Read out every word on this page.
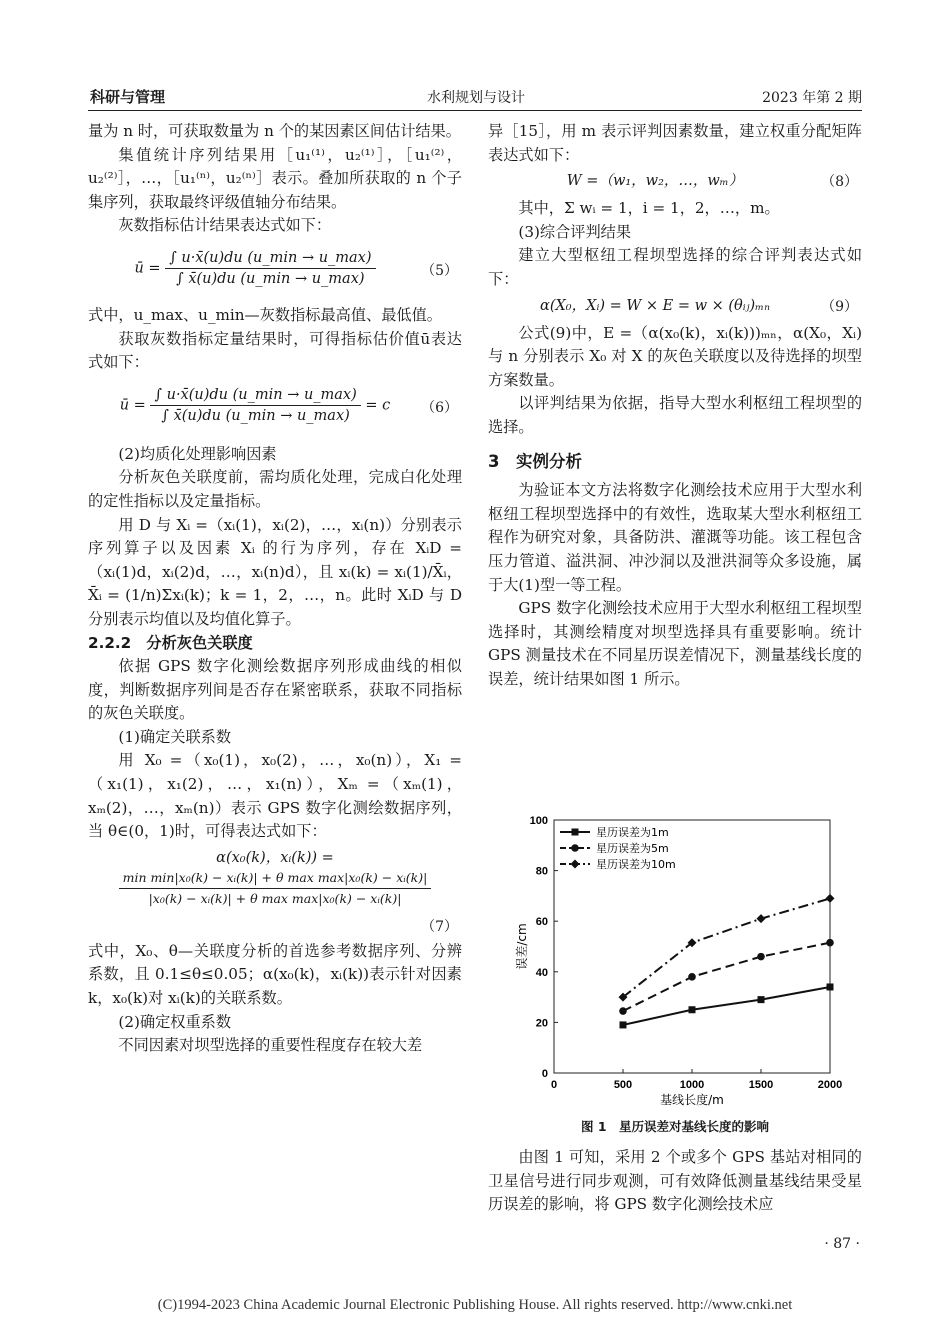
科研与管理	水利规划与设计	2023 年第 2 期

量为 n 时，可获取数量为 n 个的某因素区间估计结果。

集值统计序列结果用［u₁⁽¹⁾，u₂⁽¹⁾］，［u₁⁽²⁾，u₂⁽²⁾］，…，［u₁⁽ⁿ⁾，u₂⁽ⁿ⁾］表示。叠加所获取的 n 个子集序列，获取最终评级值轴分布结果。

灰数指标估计结果表达式如下：

ū = $\frac{\int u\cdot x̄(u)du (u\_\min \to u\_\max)}{\int x̄(u)du (u\_\min \to u\_\max)}$	（5）

式中，u_max、u_min—灰数指标最高值、最低值。

获取灰数指标定量结果时，可得指标估价值ū表达式如下：

ū = $\frac{\int u\cdot x̄(u)du (u\_\min \to u\_\max)}{\int x̄(u)du (u\_\min \to u\_\max)} = c$	（6）

(2)均质化处理影响因素

分析灰色关联度前，需均质化处理，完成白化处理的定性指标以及定量指标。

用 D 与 Xᵢ =（xᵢ(1)，xᵢ(2)，…，xᵢ(n)）分别表示序列算子以及因素 Xᵢ 的行为序列，存在 XᵢD =（xᵢ(1)d，xᵢ(2)d，…，xᵢ(n)d），且 xᵢ(k) = xᵢ(1)/X̄ᵢ，X̄ᵢ = (1/n)Σxᵢ(k)；k = 1，2，…，n。此时 XᵢD 与 D 分别表示均值以及均值化算子。

2.2.2　分析灰色关联度

依据 GPS 数字化测绘数据序列形成曲线的相似度，判断数据序列间是否存在紧密联系，获取不同指标的灰色关联度。

(1)确定关联系数

用 X₀ =（x₀(1)，x₀(2)，…，x₀(n)），X₁ =（x₁(1)，x₁(2)，…，x₁(n)），Xₘ =（xₘ(1)，xₘ(2)，…，xₘ(n)）表示 GPS 数字化测绘数据序列，当 θ∈(0，1)时，可得表达式如下：

α(x₀(k)，xᵢ(k)) =
$\frac{\text{min min|x₀(k) − xᵢ(k)| + θ max max|x₀(k) − xᵢ(k)|}}{\text{|x₀(k) − xᵢ(k)| + θ max max|x₀(k) − xᵢ(k)|}}$
（7）

式中，X₀、θ—关联度分析的首选参考数据序列、分辨系数，且 0.1≤θ≤0.05；α(x₀(k)，xᵢ(k))表示针对因素 k，x₀(k)对 xᵢ(k)的关联系数。

(2)确定权重系数

不同因素对坝型选择的重要性程度存在较大差

异［15］，用 m 表示评判因素数量，建立权重分配矩阵表达式如下：

W =（w₁，w₂，…，wₘ）	（8）

其中，Σ wᵢ = 1，i = 1，2，…，m。

(3)综合评判结果

建立大型枢纽工程坝型选择的综合评判表达式如下：

α(X₀，Xᵢ) = W × E = w × (θᵢⱼ)ₘₙ	（9）

公式(9)中，E =（α(x₀(k)，xᵢ(k)))ₘₙ，α(X₀，Xᵢ)与 n 分别表示 X₀ 对 X 的灰色关联度以及待选择的坝型方案数量。

以评判结果为依据，指导大型水利枢纽工程坝型的选择。

3　实例分析

为验证本文方法将数字化测绘技术应用于大型水利枢纽工程坝型选择中的有效性，选取某大型水利枢纽工程作为研究对象，具备防洪、灌溉等功能。该工程包含压力管道、溢洪洞、冲沙洞以及泄洪洞等众多设施，属于大(1)型一等工程。

GPS 数字化测绘技术应用于大型水利枢纽工程坝型选择时，其测绘精度对坝型选择具有重要影响。统计 GPS 测量技术在不同星历误差情况下，测量基线长度的误差，统计结果如图 1 所示。

0	500	1000	1500	2000
0
20
40
60
80
100
基线长度/m
误差/cm
星历误差为1m
星历误差为5m
星历误差为10m
图 1　星历误差对基线长度的影响

由图 1 可知，采用 2 个或多个 GPS 基站对相同的卫星信号进行同步观测，可有效降低测量基线结果受星历误差的影响，将 GPS 数字化测绘技术应

· 87 ·
(C)1994-2023 China Academic Journal Electronic Publishing House. All rights reserved. http://www.cnki.net
